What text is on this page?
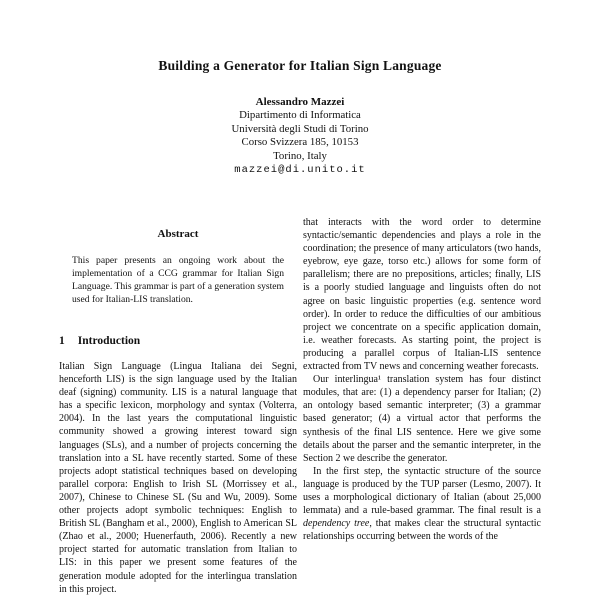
Building a Generator for Italian Sign Language
Alessandro Mazzei
Dipartimento di Informatica
Università degli Studi di Torino
Corso Svizzera 185, 10153
Torino, Italy
mazzei@di.unito.it
Abstract
This paper presents an ongoing work about the implementation of a CCG grammar for Italian Sign Language. This grammar is part of a generation system used for Italian-LIS translation.
1 Introduction
Italian Sign Language (Lingua Italiana dei Segni, henceforth LIS) is the sign language used by the Italian deaf (signing) community. LIS is a natural language that has a specific lexicon, morphology and syntax (Volterra, 2004). In the last years the computational linguistic community showed a growing interest toward sign languages (SLs), and a number of projects concerning the translation into a SL have recently started. Some of these projects adopt statistical techniques based on developing parallel corpora: English to Irish SL (Morrissey et al., 2007), Chinese to Chinese SL (Su and Wu, 2009). Some other projects adopt symbolic techniques: English to British SL (Bangham et al., 2000), English to American SL (Zhao et al., 2000; Huenerfauth, 2006). Recently a new project started for automatic translation from Italian to LIS: in this paper we present some features of the generation module adopted for the interlingua translation in this project.
that interacts with the word order to determine syntactic/semantic dependencies and plays a role in the coordination; the presence of many articulators (two hands, eyebrow, eye gaze, torso etc.) allows for some form of parallelism; there are no prepositions, articles; finally, LIS is a poorly studied language and linguists often do not agree on basic linguistic properties (e.g. sentence word order). In order to reduce the difficulties of our ambitious project we concentrate on a specific application domain, i.e. weather forecasts. As starting point, the project is producing a parallel corpus of Italian-LIS sentence extracted from TV news and concerning weather forecasts.
Our interlingua¹ translation system has four distinct modules, that are: (1) a dependency parser for Italian; (2) an ontology based semantic interpreter; (3) a grammar based generator; (4) a virtual actor that performs the synthesis of the final LIS sentence. Here we give some details about the parser and the semantic interpreter, in the Section 2 we describe the generator.
In the first step, the syntactic structure of the source language is produced by the TUP parser (Lesmo, 2007). It uses a morphological dictionary of Italian (about 25,000 lemmata) and a rule-based grammar. The final result is a dependency tree, that makes clear the structural syntactic relationships occurring between the words of the
